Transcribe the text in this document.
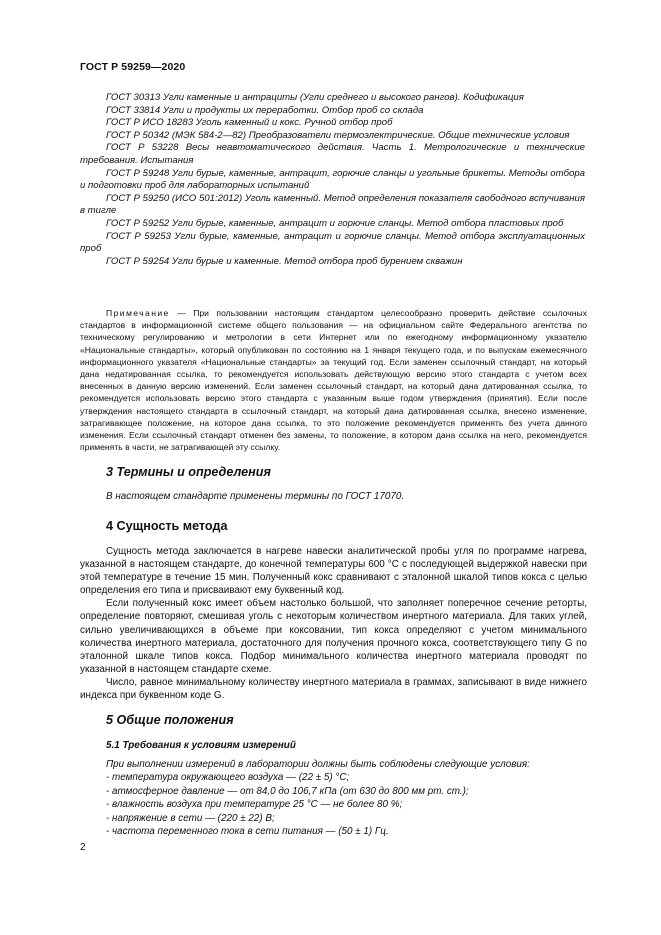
ГОСТ Р 59259—2020

ГОСТ 30313 Угли каменные и антрациты (Угли среднего и высокого рангов). Кодификация

ГОСТ 33814 Угли и продукты их переработки. Отбор проб со склада

ГОСТ Р ИСО 18283 Уголь каменный и кокс. Ручной отбор проб

ГОСТ Р 50342 (МЭК 584-2—82) Преобразователи термоэлектрические. Общие технические условия

ГОСТ Р 53228 Весы неавтоматического действия. Часть 1. Метрологические и технические требования. Испытания

ГОСТ Р 59248 Угли бурые, каменные, антрацит, горючие сланцы и угольные брикеты. Методы отбора и подготовки проб для лабораторных испытаний

ГОСТ Р 59250 (ИСО 501:2012) Уголь каменный. Метод определения показателя свободного вспучивания в тигле

ГОСТ Р 59252 Угли бурые, каменные, антрацит и горючие сланцы. Метод отбора пластовых проб

ГОСТ Р 59253 Угли бурые, каменные, антрацит и горючие сланцы. Метод отбора эксплуатационных проб

ГОСТ Р 59254 Угли бурые и каменные. Метод отбора проб бурением скважин

Примечание — При пользовании настоящим стандартом целесообразно проверить действие ссылочных стандартов в информационной системе общего пользования — на официальном сайте Федерального агентства по техническому регулированию и метрологии в сети Интернет или по ежегодному информационному указателю «Национальные стандарты», который опубликован по состоянию на 1 января текущего года, и по выпускам ежемесячного информационного указателя «Национальные стандарты» за текущий год. Если заменен ссылочный стандарт, на который дана недатированная ссылка, то рекомендуется использовать действующую версию этого стандарта с учетом всех внесенных в данную версию изменений. Если заменен ссылочный стандарт, на который дана датированная ссылка, то рекомендуется использовать версию этого стандарта с указанным выше годом утверждения (принятия). Если после утверждения настоящего стандарта в ссылочный стандарт, на который дана датированная ссылка, внесено изменение, затрагивающее положение, на которое дана ссылка, то это положение рекомендуется применять без учета данного изменения. Если ссылочный стандарт отменен без замены, то положение, в котором дана ссылка на него, рекомендуется применять в части, не затрагивающей эту ссылку.
3 Термины и определения
В настоящем стандарте применены термины по ГОСТ 17070.
4 Сущность метода

Сущность метода заключается в нагреве навески аналитической пробы угля по программе нагрева, указанной в настоящем стандарте, до конечной температуры 600 °С с последующей выдержкой навески при этой температуре в течение 15 мин. Полученный кокс сравнивают с эталонной шкалой типов кокса с целью определения его типа и присваивают ему буквенный код.

Если полученный кокс имеет объем настолько большой, что заполняет поперечное сечение реторты, определение повторяют, смешивая уголь с некоторым количеством инертного материала. Для таких углей, сильно увеличивающихся в объеме при коксовании, тип кокса определяют с учетом минимального количества инертного материала, достаточного для получения прочного кокса, соответствующего типу G по эталонной шкале типов кокса. Подбор минимального количества инертного материала проводят по указанной в настоящем стандарте схеме.

Число, равное минимальному количеству инертного материала в граммах, записывают в виде нижнего индекса при буквенном коде G.

5 Общие положения
5.1 Требования к условиям измерений
При выполнении измерений в лаборатории должны быть соблюдены следующие условия:
- температура окружающего воздуха — (22 ± 5) °С;
- атмосферное давление — от 84,0 до 106,7 кПа (от 630 до 800 мм рт. ст.);
- влажность воздуха при температуре 25 °С — не более 80 %;
- напряжение в сети — (220 ± 22) В;
- частота переменного тока в сети питания — (50 ± 1) Гц.
2
